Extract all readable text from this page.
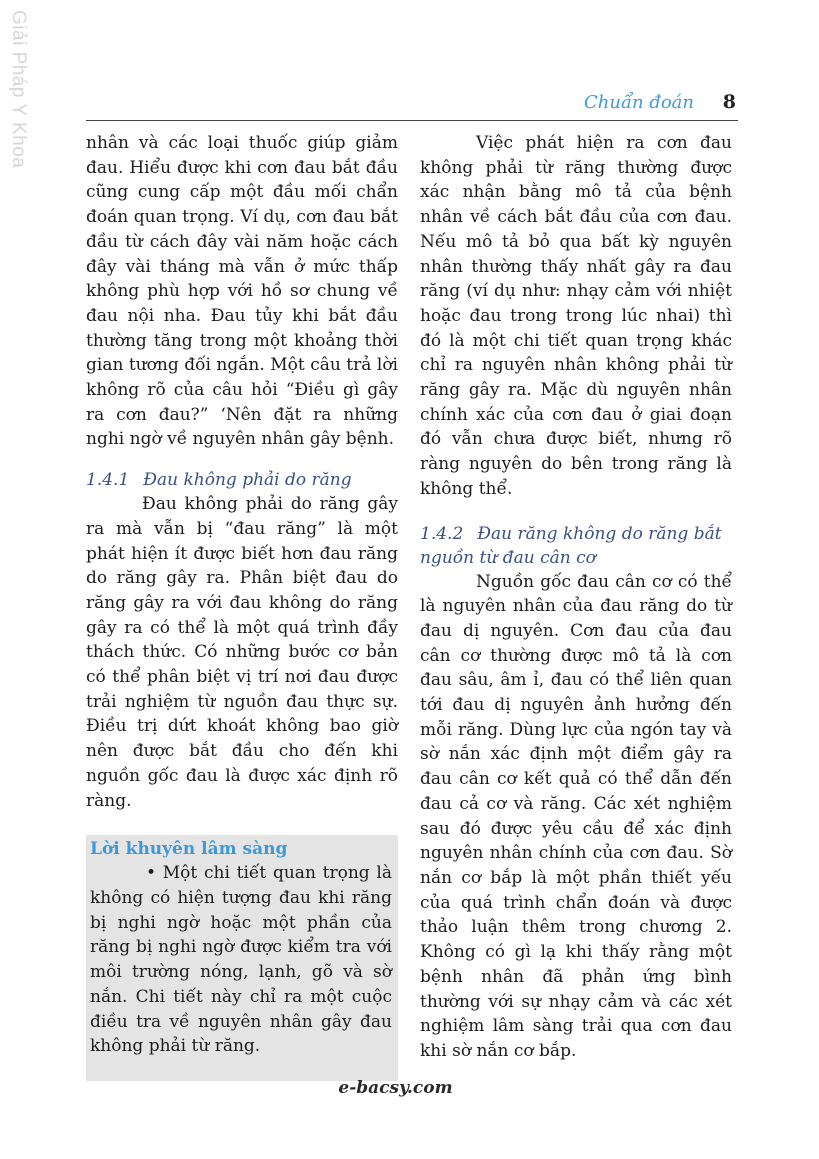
Giải Pháp Y Khoa	Chuẩn đoán 8

nhân và các loại thuốc giúp giảm đau. Hiểu được khi cơn đau bắt đầu cũng cung cấp một đầu mối chẩn đoán quan trọng. Ví dụ, cơn đau bắt đầu từ cách đây vài năm hoặc cách đây vài tháng mà vẫn ở mức thấp không phù hợp với hồ sơ chung về đau nội nha. Đau tủy khi bắt đầu thường tăng trong một khoảng thời gian tương đối ngắn. Một câu trả lời không rõ của câu hỏi “Điều gì gây ra cơn đau?” ‘Nên đặt ra những nghi ngờ về nguyên nhân gây bệnh.

1.4.1 Đau không phải do răng

Đau không phải do răng gây ra mà vẫn bị “đau răng” là một phát hiện ít được biết hơn đau răng do răng gây ra. Phân biệt đau do răng gây ra với đau không do răng gây ra có thể là một quá trình đầy thách thức. Có những bước cơ bản có thể phân biệt vị trí nơi đau được trải nghiệm từ nguồn đau thực sự. Điều trị dứt khoát không bao giờ nên được bắt đầu cho đến khi nguồn gốc đau là được xác định rõ ràng.

Lời khuyên lâm sàng

• Một chi tiết quan trọng là không có hiện tượng đau khi răng bị nghi ngờ hoặc một phần của răng bị nghi ngờ được kiểm tra với môi trường nóng, lạnh, gõ và sờ nắn. Chi tiết này chỉ ra một cuộc điều tra về nguyên nhân gây đau không phải từ răng.

Việc phát hiện ra cơn đau không phải từ răng thường được xác nhận bằng mô tả của bệnh nhân về cách bắt đầu của cơn đau. Nếu mô tả bỏ qua bất kỳ nguyên nhân thường thấy nhất gây ra đau răng (ví dụ như: nhạy cảm với nhiệt hoặc đau trong trong lúc nhai) thì đó là một chi tiết quan trọng khác chỉ ra nguyên nhân không phải từ răng gây ra. Mặc dù nguyên nhân chính xác của cơn đau ở giai đoạn đó vẫn chưa được biết, nhưng rõ ràng nguyên do bên trong răng là không thể.

1.4.2 Đau răng không do răng bắt nguồn từ đau cân cơ

Nguồn gốc đau cân cơ có thể là nguyên nhân của đau răng do từ đau dị nguyên. Cơn đau của đau cân cơ thường được mô tả là cơn đau sâu, âm ỉ, đau có thể liên quan tới đau dị nguyên ảnh hưởng đến mỗi răng. Dùng lực của ngón tay và sờ nắn xác định một điểm gây ra đau cân cơ kết quả có thể dẫn đến đau cả cơ và răng. Các xét nghiệm sau đó được yêu cầu để xác định nguyên nhân chính của cơn đau. Sờ nắn cơ bắp là một phần thiết yếu của quá trình chẩn đoán và được thảo luận thêm trong chương 2. Không có gì lạ khi thấy rằng một bệnh nhân đã phản ứng bình thường với sự nhạy cảm và các xét nghiệm lâm sàng trải qua cơn đau khi sờ nắn cơ bắp.

e-bacsy.com
